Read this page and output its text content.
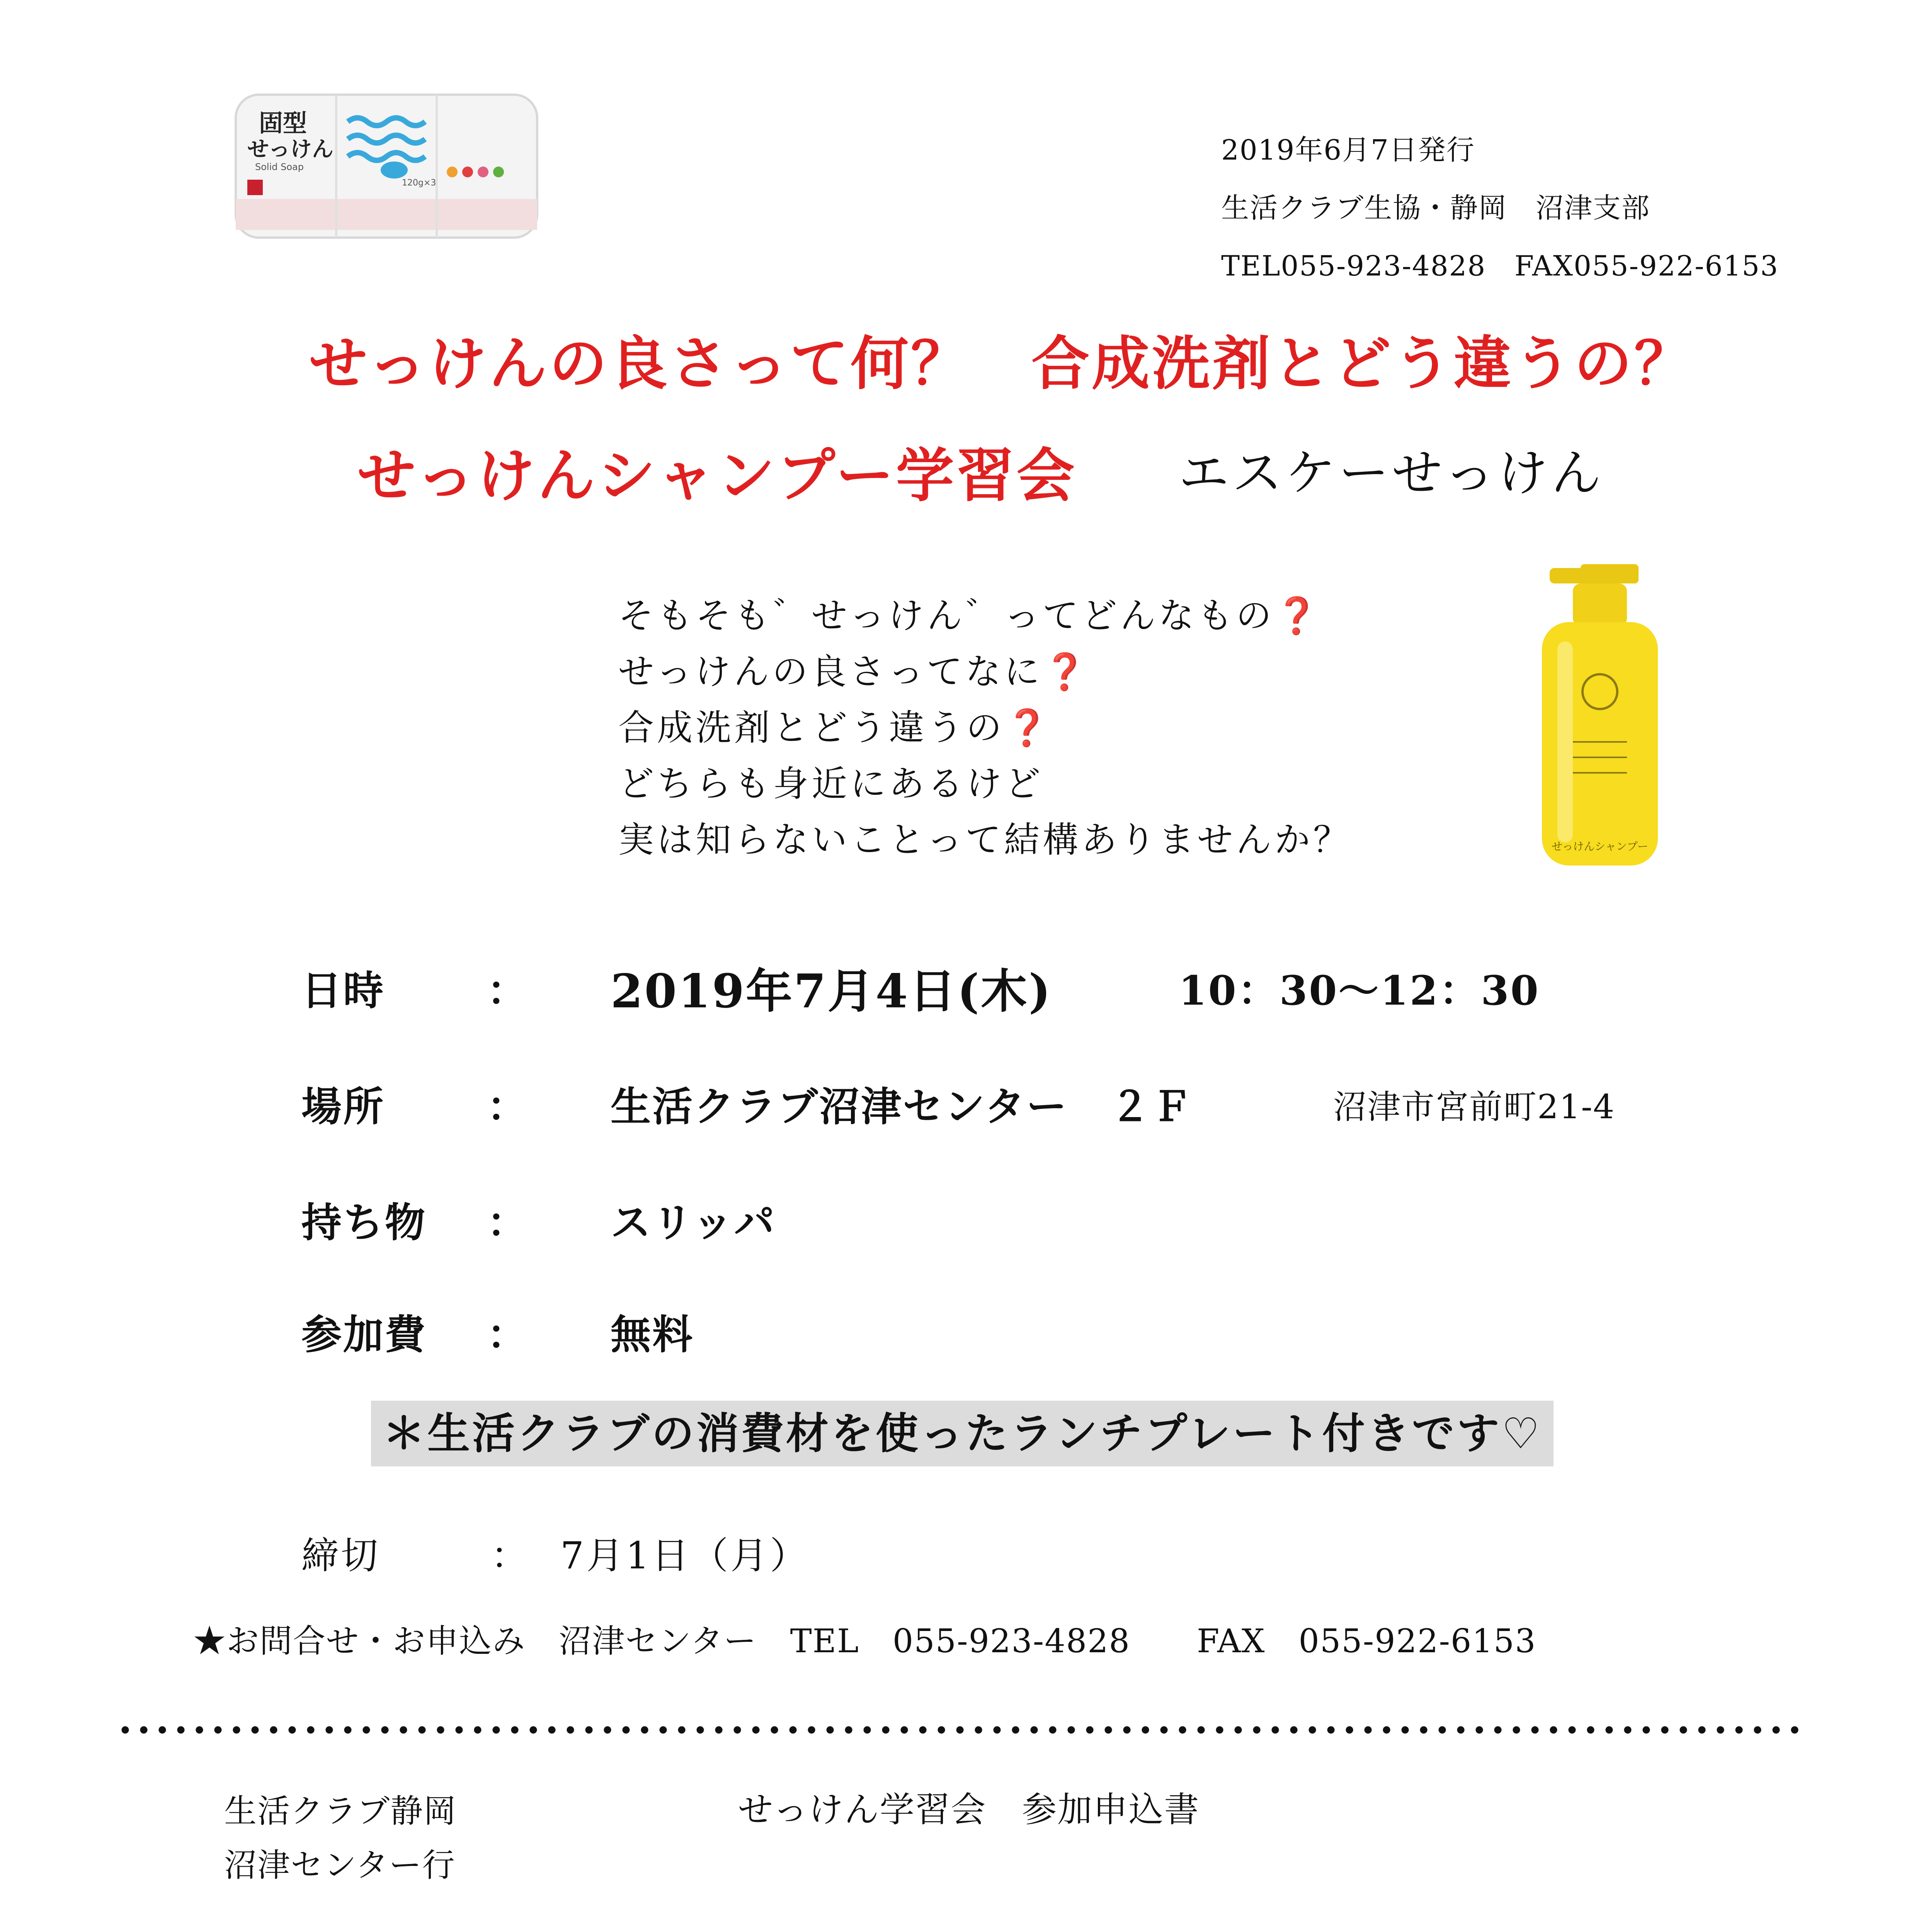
固型
せっけん
Solid Soap
120g×3
2019年6月7日発行
生活クラブ生協・静岡　沼津支部
TEL055-923-4828　FAX055-922-6153
せっけんの良さって何？　合成洗剤とどう違うの？
せっけんシャンプー学習会 エスケーせっけん
そもそも゛せっけん゛ってどんなもの❓
せっけんの良さってなに❓
合成洗剤とどう違うの❓
どちらも身近にあるけど
実は知らないことって結構ありませんか？	せっけんシャンプー
日時	： 2019年7月4日(木)	10：30～12：30
場所	： 生活クラブ沼津センター　２Ｆ	沼津市宮前町21-4
持ち物 ： スリッパ
参加費 ： 無料
＊生活クラブの消費材を使ったランチプレート付きです♡
締切	： 7月1日（月）
★お問合せ・お申込み　沼津センター　TEL　055-923-4828　　FAX　055-922-6153
生活クラブ静岡
沼津センター行
せっけん学習会　参加申込書
